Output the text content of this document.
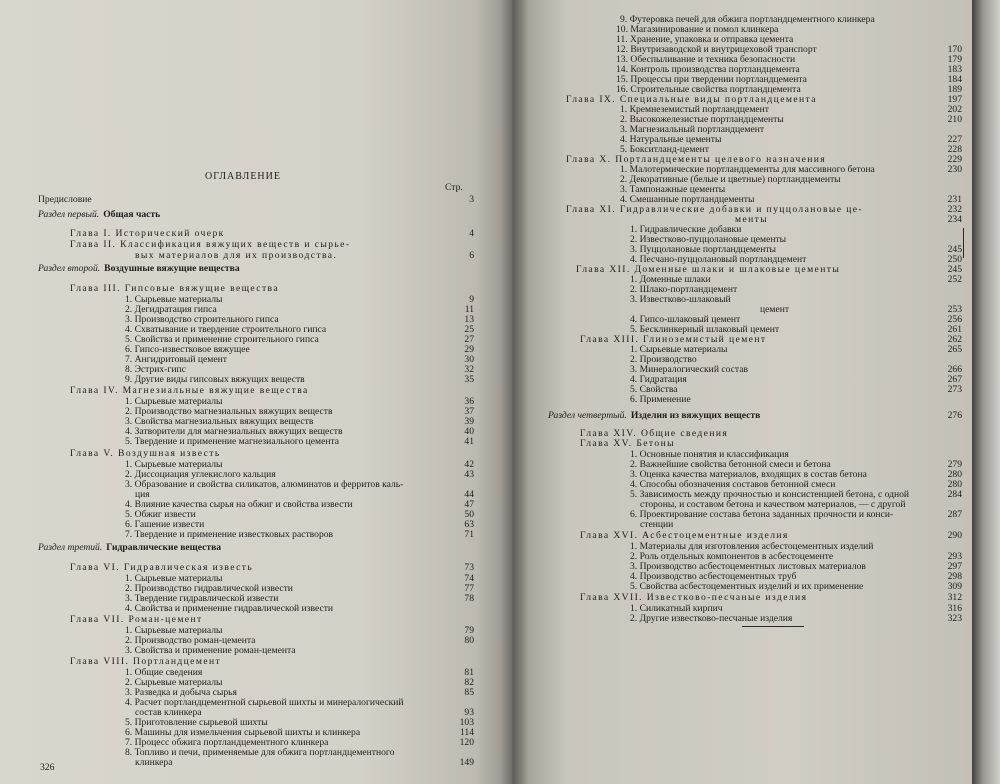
ОГЛАВЛЕНИЕ
Стр.
326
Предисловие	3
Раздел первый. Общая часть
Глава I. Исторический очерк	4
Глава II. Классификация вяжущих веществ и сырье-
вых материалов для их производства.	6
Раздел второй. Воздушные вяжущие вещества
Глава III. Гипсовые вяжущие вещества
1. Сырьевые материалы	9
2. Дегидратация гипса	11
3. Производство строительного гипса	13
4. Схватывание и твердение строительного гипса	25
5. Свойства и применение строительного гипса	27
6. Гипсо-известковое вяжущее	29
7. Ангидритовый цемент	30
8. Эстрих-гипс	32
9. Другие виды гипсовых вяжущих веществ	35
Глава IV. Магнезиальные вяжущие вещества
1. Сырьевые материалы	36
2. Производство магнезиальных вяжущих веществ	37
3. Свойства магнезиальных вяжущих веществ	39
4. Затворители для магнезиальных вяжущих веществ	40
5. Твердение и применение магнезиального цемента	41
Глава V. Воздушная известь
1. Сырьевые материалы	42
2. Диссоциация углекислого кальция	43
3. Образование и свойства силикатов, алюминатов и ферритов каль-
ция	44
4. Влияние качества сырья на обжиг и свойства извести	47
5. Обжиг извести	50
6. Гашение извести	63
7. Твердение и применение известковых растворов	71
Раздел третий. Гидравлические вещества
Глава VI. Гидравлическая известь	73
1. Сырьевые материалы	74
2. Производство гидравлической извести	77
3. Твердение гидравлической извести	78
4. Свойства и применение гидравлической извести
Глава VII. Роман-цемент
1. Сырьевые материалы	79
2. Производство роман-цемента	80
3. Свойства и применение роман-цемента
Глава VIII. Портландцемент
1. Общие сведения	81
2. Сырьевые материалы	82
3. Разведка и добыча сырья	85
4. Расчет портландцементной сырьевой шихты и минералогический
состав клинкера	93
5. Приготовление сырьевой шихты	103
6. Машины для измельчения сырьевой шихты и клинкера	114
7. Процесс обжига портландцементного клинкера	120
8. Топливо и печи, применяемые для обжига портландцементного
клинкера	149
9. Футеровка печей для обжига портландцементного клинкера
10. Магазинирование и помол клинкера
11. Хранение, упаковка и отправка цемента
12. Внутризаводской и внутрицеховой транспорт	170
13. Обеспыливание и техника безопасности	179
14. Контроль производства портландцемента	183
15. Процессы при твердении портландцемента	184
16. Строительные свойства портландцемента	189
Глава IX. Специальные виды портландцемента	197
1. Кремнеземистый портландцемент	202
2. Высокожелезистые портландцементы	210
3. Магнезиальный портландцемент
4. Натуральные цементы	227
5. Бокситланд-цемент	228
Глава X. Портландцементы целевого назначения	229
1. Малотермические портландцементы для массивного бетона	230
2. Декоративные (белые и цветные) портландцементы
3. Тампонажные цементы
4. Смешанные портландцементы	231
Глава XI. Гидравлические добавки и пуццолановые це-	232
менты	234
1. Гидравлические добавки
2. Известково-пуццолановые цементы
3. Пуццолановые портландцементы	245
4. Песчано-пуццолановый портландцемент	250
Глава XII. Доменные шлаки и шлаковые цементы	245
1. Доменные шлаки	252
2. Шлако-портландцемент
3. Известково-шлаковый
цемент	253
4. Гипсо-шлаковый цемент	256
5. Бесклинкерный шлаковый цемент	261
Глава XIII. Глиноземистый цемент	262
1. Сырьевые материалы	265
2. Производство
3. Минералогический состав	266
4. Гидратация	267
5. Свойства	273
6. Применение
Раздел четвертый. Изделия из вяжущих веществ	276
Глава XIV. Общие сведения
Глава XV. Бетоны
1. Основные понятия и классификация
2. Важнейшие свойства бетонной смеси и бетона	279
3. Оценка качества материалов, входящих в состав бетона	280
4. Способы обозначения составов бетонной смеси	280
5. Зависимость между прочностью и консистенцией бетона, с одной	284
стороны, и составом бетона и качеством материалов, — с другой
6. Проектирование состава бетона заданных прочности и конси-	287
стенции
Глава XVI. Асбестоцементные изделия	290
1. Материалы для изготовления асбестоцементных изделий
2. Роль отдельных компонентов в асбестоцементе	293
3. Производство асбестоцементных листовых материалов	297
4. Производство асбестоцементных труб	298
5. Свойства асбестоцементных изделий и их применение	309
Глава XVII. Известково-песчаные изделия	312
1. Силикатный кирпич	316
2. Другие известково-песчаные изделия	323
